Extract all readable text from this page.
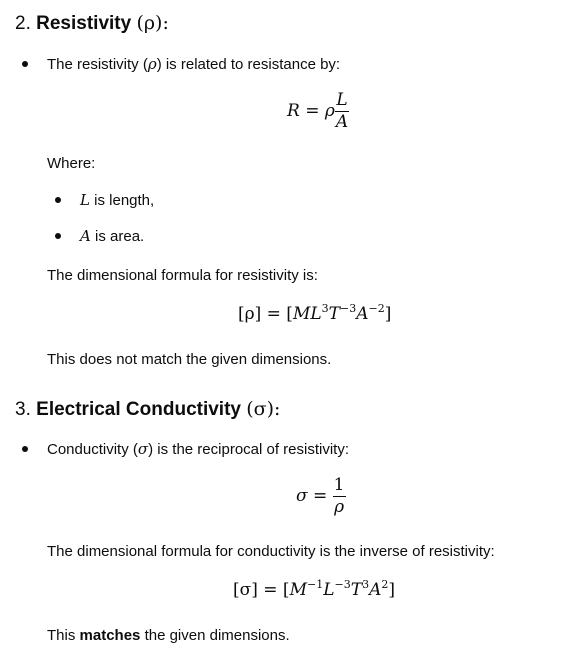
2. Resistivity (ρ):
The resistivity (ρ) is related to resistance by:
R = ρ $\frac{L}{A}$
Where:
L is length,
A is area.
The dimensional formula for resistivity is:
$[\rho] = [ML^3T^{-3}A^{-2}]$
This does not match the given dimensions.
3. Electrical Conductivity (σ):
Conductivity (σ) is the reciprocal of resistivity:
$\sigma = \frac{1}{\rho}$
The dimensional formula for conductivity is the inverse of resistivity:
$[\sigma] = [M^{-1}L^{-3}T^3A^2]$
This matches the given dimensions.
